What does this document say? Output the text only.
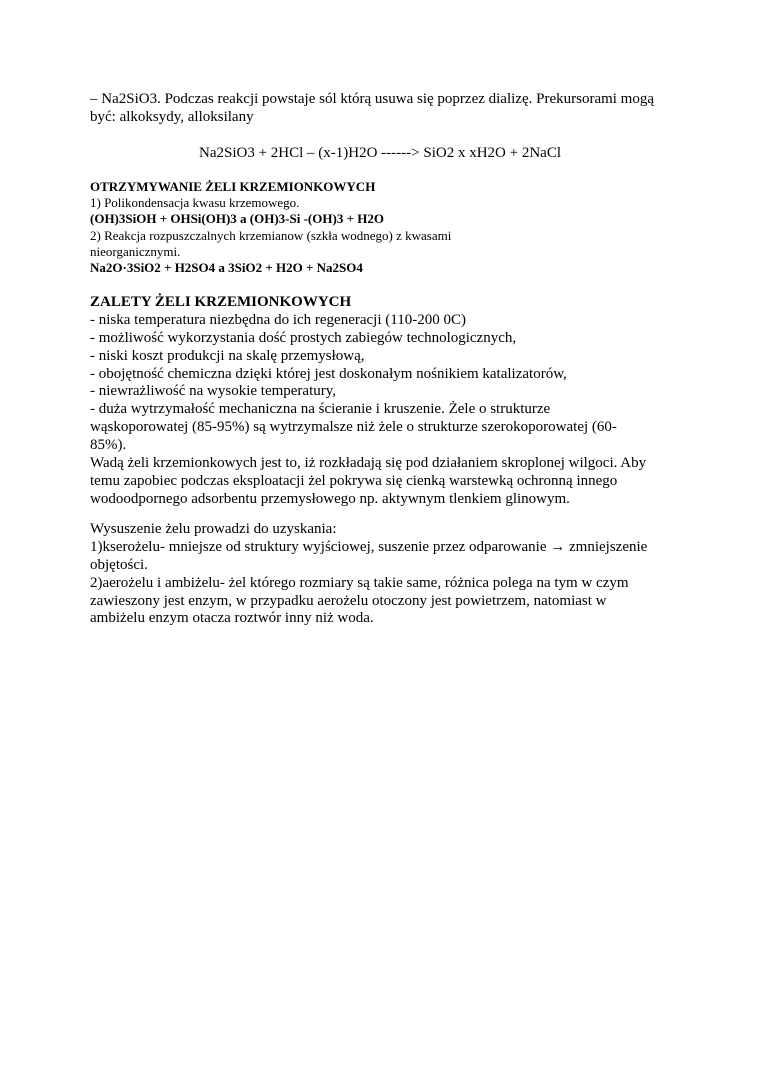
– Na2SiO3. Podczas reakcji powstaje sól którą usuwa się poprzez dializę. Prekursorami mogą
być: alkoksydy, alloksilany
Na2SiO3 + 2HCl – (x-1)H2O ------> SiO2 x xH2O + 2NaCl
OTRZYMYWANIE ŻELI KRZEMIONKOWYCH
1) Polikondensacja kwasu krzemowego.
(OH)3SiOH + OHSi(OH)3 a (OH)3-Si -(OH)3 + H2O
2) Reakcja rozpuszczalnych krzemianow (szkła wodnego) z kwasami
nieorganicznymi.
Na2O·3SiO2 + H2SO4 a 3SiO2 + H2O + Na2SO4
ZALETY ŻELI KRZEMIONKOWYCH
- niska temperatura niezbędna do ich regeneracji (110-200 0C)
- możliwość wykorzystania dość prostych zabiegów technologicznych,
- niski koszt produkcji na skalę przemysłową,
- obojętność chemiczna dzięki której jest doskonałym nośnikiem katalizatorów,
- niewrażliwość na wysokie temperatury,
- duża wytrzymałość mechaniczna na ścieranie i kruszenie. Żele o strukturze
wąskoporowatej (85-95%) są wytrzymalsze niż żele o strukturze szerokoporowatej (60-
85%).
Wadą żeli krzemionkowych jest to, iż rozkładają się pod działaniem skroplonej wilgoci. Aby
temu zapobiec podczas eksploatacji żel pokrywa się cienką warstewką ochronną innego
wodoodpornego adsorbentu przemysłowego np. aktywnym tlenkiem glinowym.
Wysuszenie żelu prowadzi do uzyskania:
1)kserożelu- mniejsze od struktury wyjściowej, suszenie przez odparowanie → zmniejszenie
objętości.
2)aerożelu i ambiżelu- żel którego rozmiary są takie same, różnica polega na tym w czym
zawieszony jest enzym, w przypadku aerożelu otoczony jest powietrzem, natomiast w
ambiżelu enzym otacza roztwór inny niż woda.
